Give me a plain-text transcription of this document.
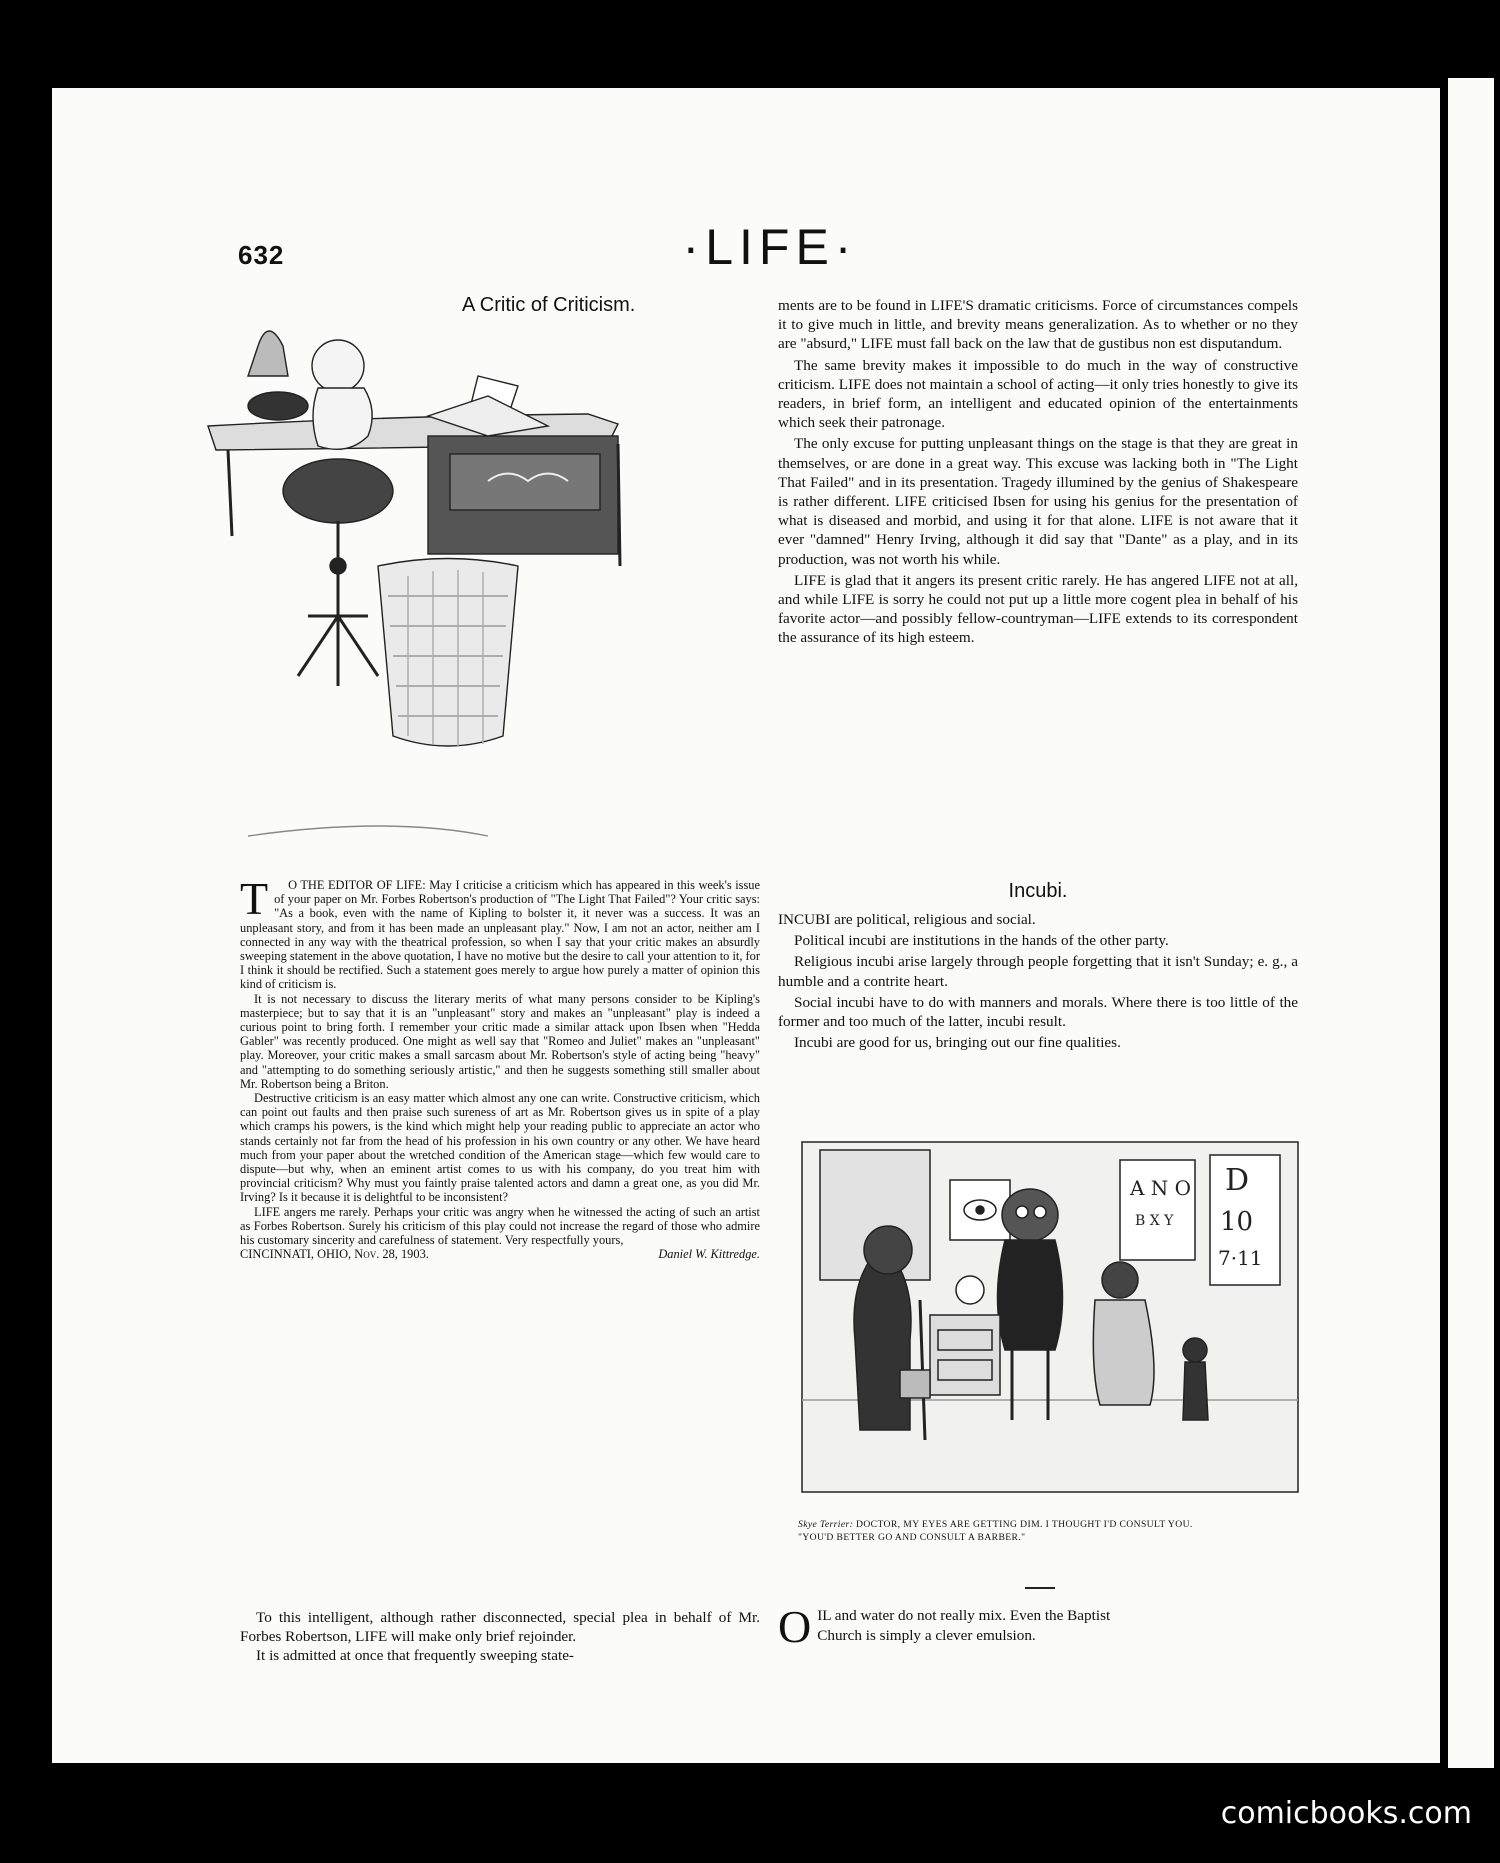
632	·LIFE·
A Critic of Criticism.
T	O THE EDITOR OF LIFE: May I criticise a criticism which has appeared in this week's issue of your paper on Mr. Forbes Robertson's production of "The Light That Failed"? Your critic says: "As a book, even with the name of Kipling to bolster it, it never was a success. It was an unpleasant story, and from it has been made an unpleasant play." Now, I am not an actor, neither am I connected in any way with the theatrical profession, so when I say that your critic makes an absurdly sweeping statement in the above quotation, I have no motive but the desire to call your attention to it, for I think it should be rectified. Such a statement goes merely to argue how purely a matter of opinion this kind of criticism is.

It is not necessary to discuss the literary merits of what many persons consider to be Kipling's masterpiece; but to say that it is an "unpleasant" story and makes an "unpleasant" play is indeed a curious point to bring forth. I remember your critic made a similar attack upon Ibsen when "Hedda Gabler" was recently produced. One might as well say that "Romeo and Juliet" makes an "unpleasant" play. Moreover, your critic makes a small sarcasm about Mr. Robertson's style of acting being "heavy" and "attempting to do something seriously artistic," and then he suggests something still smaller about Mr. Robertson being a Briton.

Destructive criticism is an easy matter which almost any one can write. Constructive criticism, which can point out faults and then praise such sureness of art as Mr. Robertson gives us in spite of a play which cramps his powers, is the kind which might help your reading public to appreciate an actor who stands certainly not far from the head of his profession in his own country or any other. We have heard much from your paper about the wretched condition of the American stage—which few would care to dispute—but why, when an eminent artist comes to us with his company, do you treat him with provincial criticism? Why must you faintly praise talented actors and damn a great one, as you did Mr. Irving? Is it because it is delightful to be inconsistent?

LIFE angers me rarely. Perhaps your critic was angry when he witnessed the acting of such an artist as Forbes Robertson. Surely his criticism of this play could not increase the regard of those who admire his customary sincerity and carefulness of statement. Very respectfully yours,

CINCINNATI, OHIO, Nov. 28, 1903.	Daniel W. Kittredge.

To this intelligent, although rather disconnected, special plea in behalf of Mr. Forbes Robertson, LIFE will make only brief rejoinder.

It is admitted at once that frequently sweeping state-

ments are to be found in LIFE'S dramatic criticisms. Force of circumstances compels it to give much in little, and brevity means generalization. As to whether or no they are "absurd," LIFE must fall back on the law that de gustibus non est disputandum.

The same brevity makes it impossible to do much in the way of constructive criticism. LIFE does not maintain a school of acting—it only tries honestly to give its readers, in brief form, an intelligent and educated opinion of the entertainments which seek their patronage.

The only excuse for putting unpleasant things on the stage is that they are great in themselves, or are done in a great way. This excuse was lacking both in "The Light That Failed" and in its presentation. Tragedy illumined by the genius of Shakespeare is rather different. LIFE criticised Ibsen for using his genius for the presentation of what is diseased and morbid, and using it for that alone. LIFE is not aware that it ever "damned" Henry Irving, although it did say that "Dante" as a play, and in its production, was not worth his while.

LIFE is glad that it angers its present critic rarely. He has angered LIFE not at all, and while LIFE is sorry he could not put up a little more cogent plea in behalf of his favorite actor—and possibly fellow-countryman—LIFE extends to its correspondent the assurance of its high esteem.

Incubi.

INCUBI are political, religious and social.

Political incubi are institutions in the hands of the other party.

Religious incubi arise largely through people forgetting that it isn't Sunday; e. g., a humble and a contrite heart.

Social incubi have to do with manners and morals. Where there is too little of the former and too much of the latter, incubi result.

Incubi are good for us, bringing out our fine qualities.

A N O
B X Y
D
10
7·11
Skye Terrier: DOCTOR, MY EYES ARE GETTING DIM. I THOUGHT I'D CONSULT YOU.
"YOU'D BETTER GO AND CONSULT A BARBER."
O IL and water do not really mix. Even the Baptist
Church is simply a clever emulsion.
comicbooks.com
